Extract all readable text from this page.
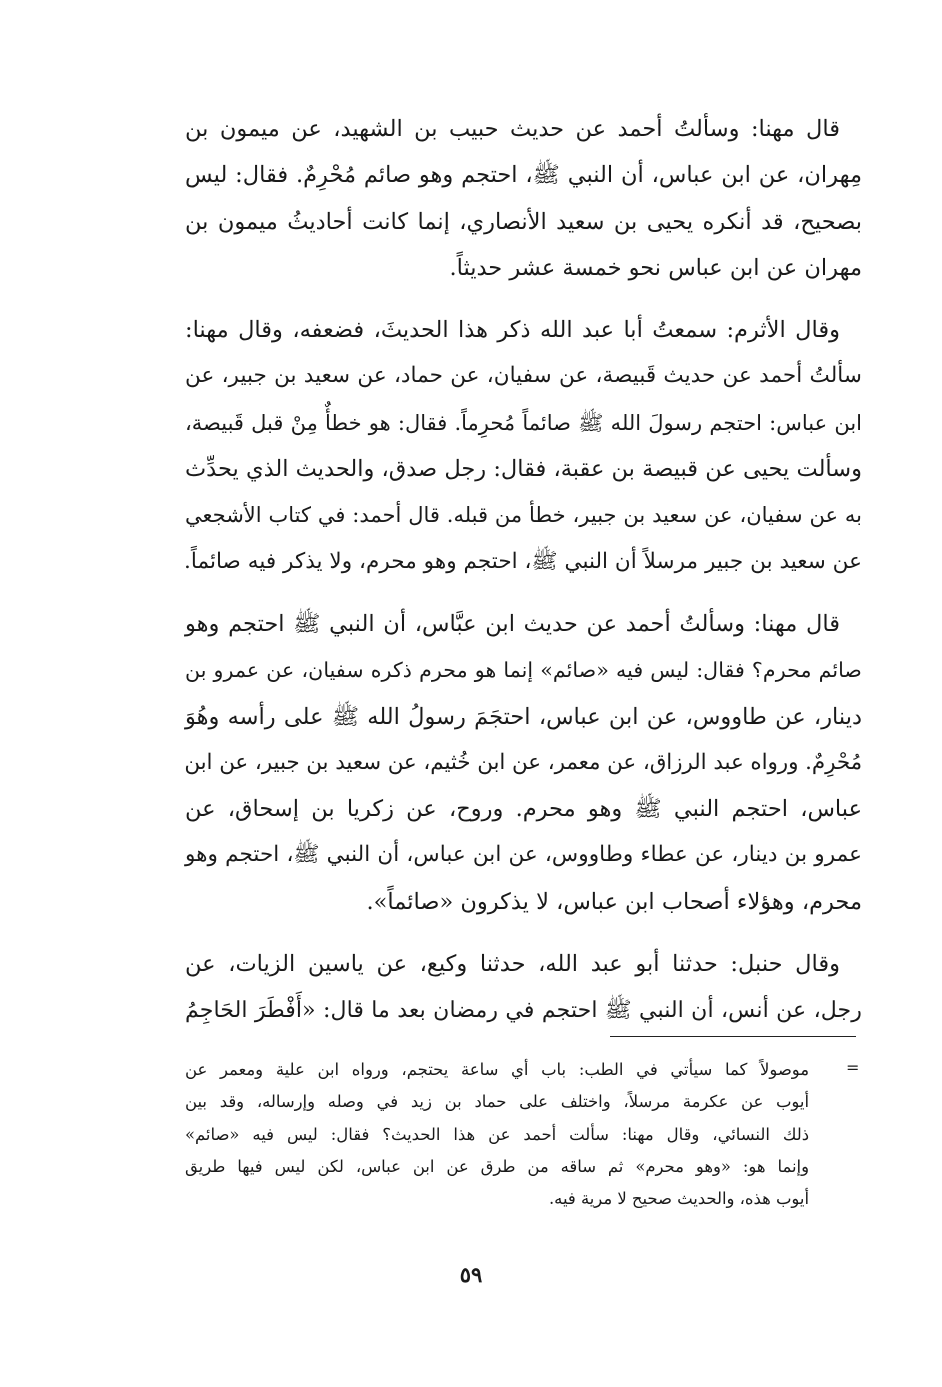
قال مهنا: وسألتُ أحمد عن حديث حبيب بن الشهيد، عن ميمون بن
مِهران، عن ابن عباس، أن النبي ﷺ، احتجم وهو صائم مُحْرِمٌ. فقال: ليس
بصحيح، قد أنكره يحيى بن سعيد الأنصاري، إنما كانت أحاديثُ ميمون بن
مهران عن ابن عباس نحو خمسة عشر حديثاً.

وقال الأثرم: سمعتُ أبا عبد الله ذكر هذا الحديثَ، فضعفه، وقال مهنا:
سألتُ أحمد عن حديث قَبيصة، عن سفيان، عن حماد، عن سعيد بن جبير، عن
ابن عباس: احتجم رسولَ الله ﷺ صائماً مُحرِماً. فقال: هو خطأٌ مِنْ قبل قَبيصة،
وسألت يحيى عن قبيصة بن عقبة، فقال: رجل صدق، والحديث الذي يحدِّث
به عن سفيان، عن سعيد بن جبير، خطأ من قبله. قال أحمد: في كتاب الأشجعي
عن سعيد بن جبير مرسلاً أن النبي ﷺ، احتجم وهو محرم، ولا يذكر فيه صائماً.

قال مهنا: وسألتُ أحمد عن حديث ابن عبَّاس، أن النبي ﷺ احتجم وهو
صائم محرم؟ فقال: ليس فيه «صائم» إنما هو محرم ذكره سفيان، عن عمرو بن
دينار، عن طاووس، عن ابن عباس، احتجَمَ رسولُ الله ﷺ على رأسه وهُوَ
مُحْرِمٌ. ورواه عبد الرزاق، عن معمر، عن ابن خُثيم، عن سعيد بن جبير، عن ابن
عباس، احتجم النبي ﷺ وهو محرم. وروح، عن زكريا بن إسحاق، عن
عمرو بن دينار، عن عطاء وطاووس، عن ابن عباس، أن النبي ﷺ، احتجم وهو
محرم، وهؤلاء أصحاب ابن عباس، لا يذكرون «صائماً».

وقال حنبل: حدثنا أبو عبد الله، حدثنا وكيع، عن ياسين الزيات، عن
رجل، عن أنس، أن النبي ﷺ احتجم في رمضان بعد ما قال: «أَفْطَرَ الحَاجِمُ

=
موصولاً كما سيأتي في الطب: باب أي ساعة يحتجم، ورواه ابن علية ومعمر عن
أيوب عن عكرمة مرسلاً، واختلف على حماد بن زيد في وصله وإرساله، وقد بين
ذلك النسائي، وقال مهنا: سألت أحمد عن هذا الحديث؟ فقال: ليس فيه «صائم»
وإنما هو: «وهو محرم» ثم ساقه من طرق عن ابن عباس، لكن ليس فيها طريق
أيوب هذه، والحديث صحيح لا مرية فيه.
٥٩
